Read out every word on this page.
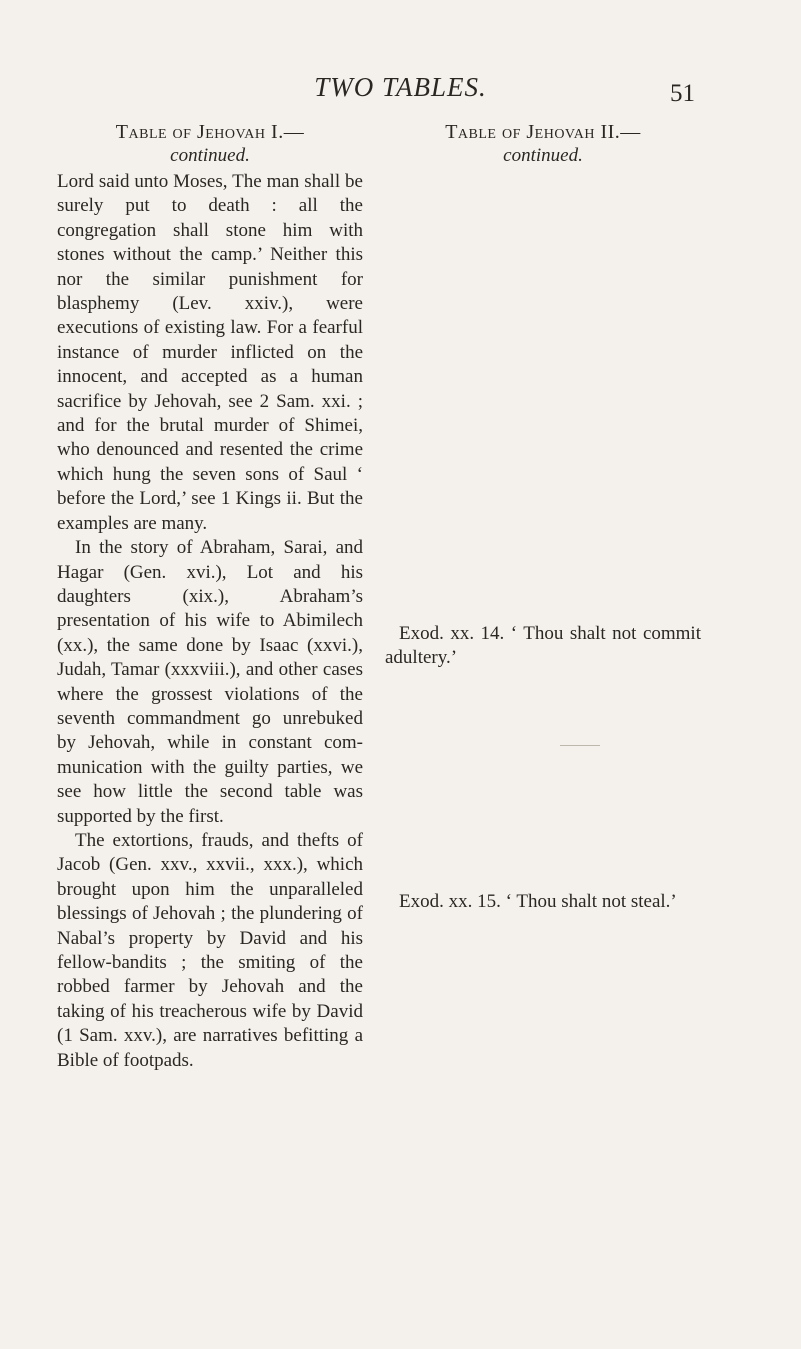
TWO TABLES.	51
Table of Jehovah I.—
continued.

Lord said unto Moses, The man shall be surely put to death : all the congregation shall stone him with stones without the camp.’ Neither this nor the similar punishment for blasphemy (Lev. xxiv.), were executions of existing law. For a fearful instance of murder inflicted on the innocent, and accepted as a human sacrifice by Jehovah, see 2 Sam. xxi. ; and for the brutal murder of Shimei, who denounced and resented the crime which hung the seven sons of Saul ‘ before the Lord,’ see 1 Kings ii. But the examples are many.

In the story of Abraham, Sarai, and Hagar (Gen. xvi.), Lot and his daughters (xix.), Abraham’s presentation of his wife to Abimilech (xx.), the same done by Isaac (xxvi.), Judah, Tamar (xxxviii.), and other cases where the grossest violations of the seventh commandment go unrebuked by Jehovah, while in constant communication with the guilty parties, we see how little the second table was supported by the first.

The extortions, frauds, and thefts of Jacob (Gen. xxv., xxvii., xxx.), which brought upon him the unparalleled blessings of Jehovah ; the plundering of Nabal’s property by David and his fellow-bandits ; the smiting of the robbed farmer by Jehovah and the taking of his treacherous wife by David (1 Sam. xxv.), are narratives befitting a Bible of footpads.

Table of Jehovah II.—
continued.

Exod. xx. 14. ‘ Thou shalt not commit adultery.’

Exod. xx. 15. ‘ Thou shalt not steal.’
